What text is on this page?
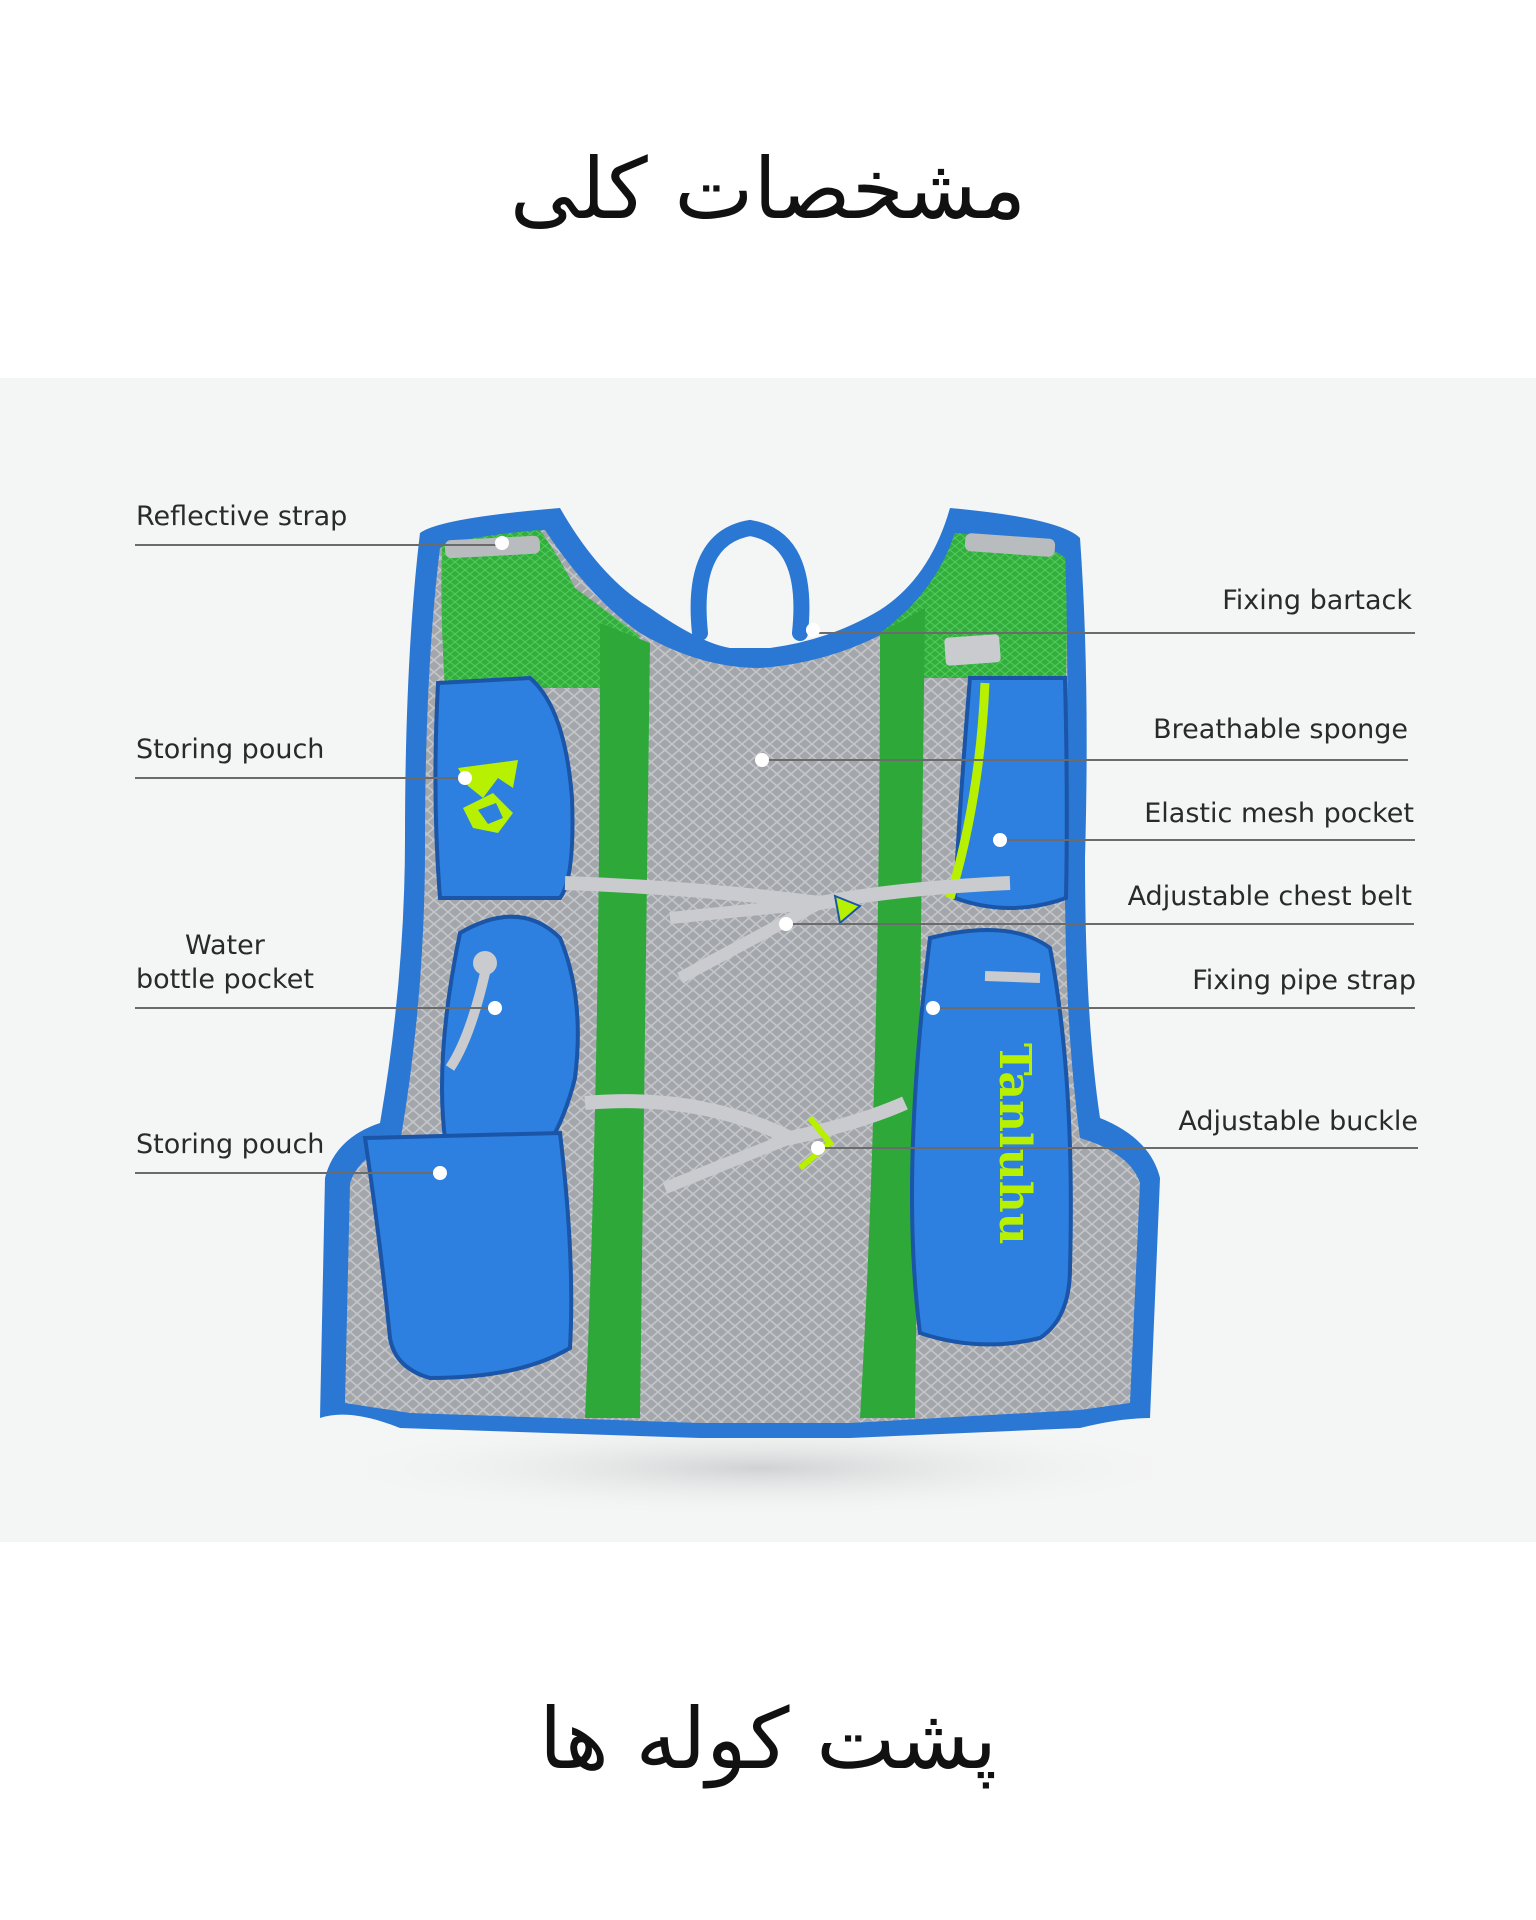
مشخصات کلی
Tanluhu
Reflective strap
Storing pouch
Water
bottle pocket
Storing pouch
Fixing bartack
Breathable sponge
Elastic mesh pocket
Adjustable chest belt
Fixing pipe strap
Adjustable buckle
پشت کوله ها
